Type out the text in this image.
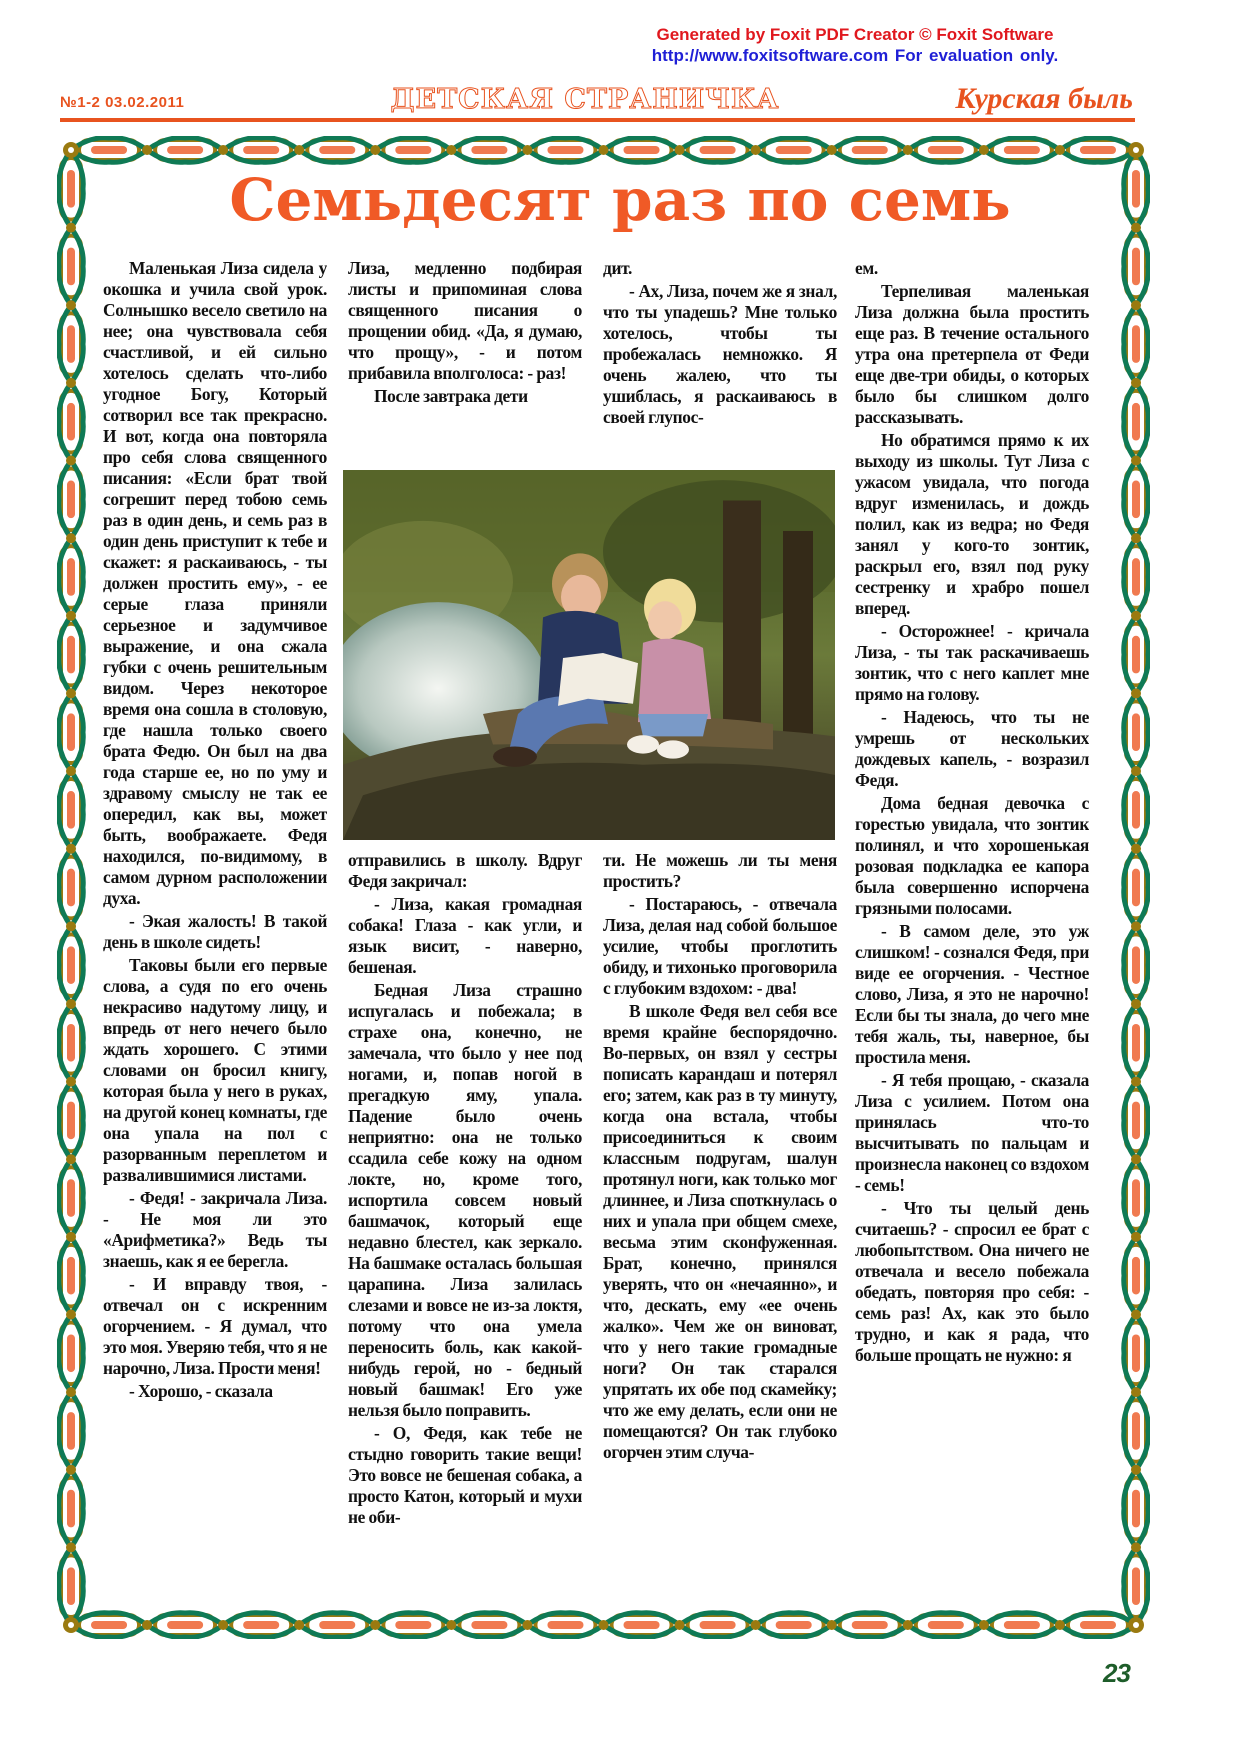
Generated by Foxit PDF Creator © Foxit Software
http://www.foxitsoftware.com For evaluation only.
№1-2 03.02.2011	ДЕТСКАЯ СТРАНИЧКА	Курская быль
Семьдесят раз по семь

Маленькая Лиза сидела у окошка и учила свой урок. Солнышко весело светило на нее; она чувствовала себя счастливой, и ей сильно хотелось сделать что-либо угодное Богу, Который сотворил все так прекрасно. И вот, когда она повторяла про себя слова священного писания: «Если брат твой согрешит перед тобою семь раз в один день, и семь раз в один день приступит к тебе и скажет: я раскаиваюсь, - ты должен простить ему», - ее серые глаза приняли серьезное и задумчивое выражение, и она сжала губки с очень решительным видом. Через некоторое время она сошла в столовую, где нашла только своего брата Федю. Он был на два года старше ее, но по уму и здравому смыслу не так ее опередил, как вы, может быть, воображаете. Федя находился, по-видимому, в самом дурном расположении духа.

- Экая жалость! В такой день в школе сидеть!

Таковы были его первые слова, а судя по его очень некрасиво надутому лицу, и впредь от него нечего было ждать хорошего. С этими словами он бросил книгу, которая была у него в руках, на другой конец комнаты, где она упала на пол с разорванным переплетом и развалившимися листами.

- Федя! - закричала Лиза. - Не моя ли это «Арифметика?» Ведь ты знаешь, как я ее берегла.

- И вправду твоя, - отвечал он с искренним огорчением. - Я думал, что это моя. Уверяю тебя, что я не нарочно, Лиза. Прости меня!

- Хорошо, - сказала

Лиза, медленно подбирая листы и припоминая слова священного писания о прощении обид. «Да, я думаю, что прощу», - и потом прибавила вполголоса: - раз!

После завтрака дети

отправились в школу. Вдруг Федя закричал:

- Лиза, какая громадная собака! Глаза - как угли, и язык висит, - наверно, бешеная.

Бедная Лиза страшно испугалась и побежала; в страхе она, конечно, не замечала, что было у нее под ногами, и, попав ногой в прегадкую яму, упала. Падение было очень неприятно: она не только ссадила себе кожу на одном локте, но, кроме того, испортила совсем новый башмачок, который еще недавно блестел, как зеркало. На башмаке осталась большая царапина. Лиза залилась слезами и вовсе не из-за локтя, потому что она умела переносить боль, как какой-нибудь герой, но - бедный новый башмак! Его уже нельзя было поправить.

- О, Федя, как тебе не стыдно говорить такие вещи! Это вовсе не бешеная собака, а просто Катон, который и мухи не оби-

дит.

- Ах, Лиза, почем же я знал, что ты упадешь? Мне только хотелось, чтобы ты пробежалась немножко. Я очень жалею, что ты ушиблась, я раскаиваюсь в своей глупос-

ти. Не можешь ли ты меня простить?

- Постараюсь, - отвечала Лиза, делая над собой большое усилие, чтобы проглотить обиду, и тихонько проговорила с глубоким вздохом: - два!

В школе Федя вел себя все время крайне беспорядочно. Во-первых, он взял у сестры пописать карандаш и потерял его; затем, как раз в ту минуту, когда она встала, чтобы присоединиться к своим классным подругам, шалун протянул ноги, как только мог длиннее, и Лиза споткнулась о них и упала при общем смехе, весьма этим сконфуженная. Брат, конечно, принялся уверять, что он «нечаянно», и что, дескать, ему «ее очень жалко». Чем же он виноват, что у него такие громадные ноги? Он так старался упрятать их обе под скамейку; что же ему делать, если они не помещаются? Он так глубоко огорчен этим случа-

ем.

Терпеливая маленькая Лиза должна была простить еще раз. В течение остального утра она претерпела от Феди еще две-три обиды, о которых было бы слишком долго рассказывать.

Но обратимся прямо к их выходу из школы. Тут Лиза с ужасом увидала, что погода вдруг изменилась, и дождь полил, как из ведра; но Федя занял у кого-то зонтик, раскрыл его, взял под руку сестренку и храбро пошел вперед.

- Осторожнее! - кричала Лиза, - ты так раскачиваешь зонтик, что с него каплет мне прямо на голову.

- Надеюсь, что ты не умрешь от нескольких дождевых капель, - возразил Федя.

Дома бедная девочка с горестью увидала, что зонтик полинял, и что хорошенькая розовая подкладка ее капора была совершенно испорчена грязными полосами.

- В самом деле, это уж слишком! - сознался Федя, при виде ее огорчения. - Честное слово, Лиза, я это не нарочно! Если бы ты знала, до чего мне тебя жаль, ты, наверное, бы простила меня.

- Я тебя прощаю, - сказала Лиза с усилием. Потом она принялась что-то высчитывать по пальцам и произнесла наконец со вздохом - семь!

- Что ты целый день считаешь? - спросил ее брат с любопытством. Она ничего не отвечала и весело побежала обедать, повторяя про себя: - семь раз! Ах, как это было трудно, и как я рада, что больше прощать не нужно: я

23
